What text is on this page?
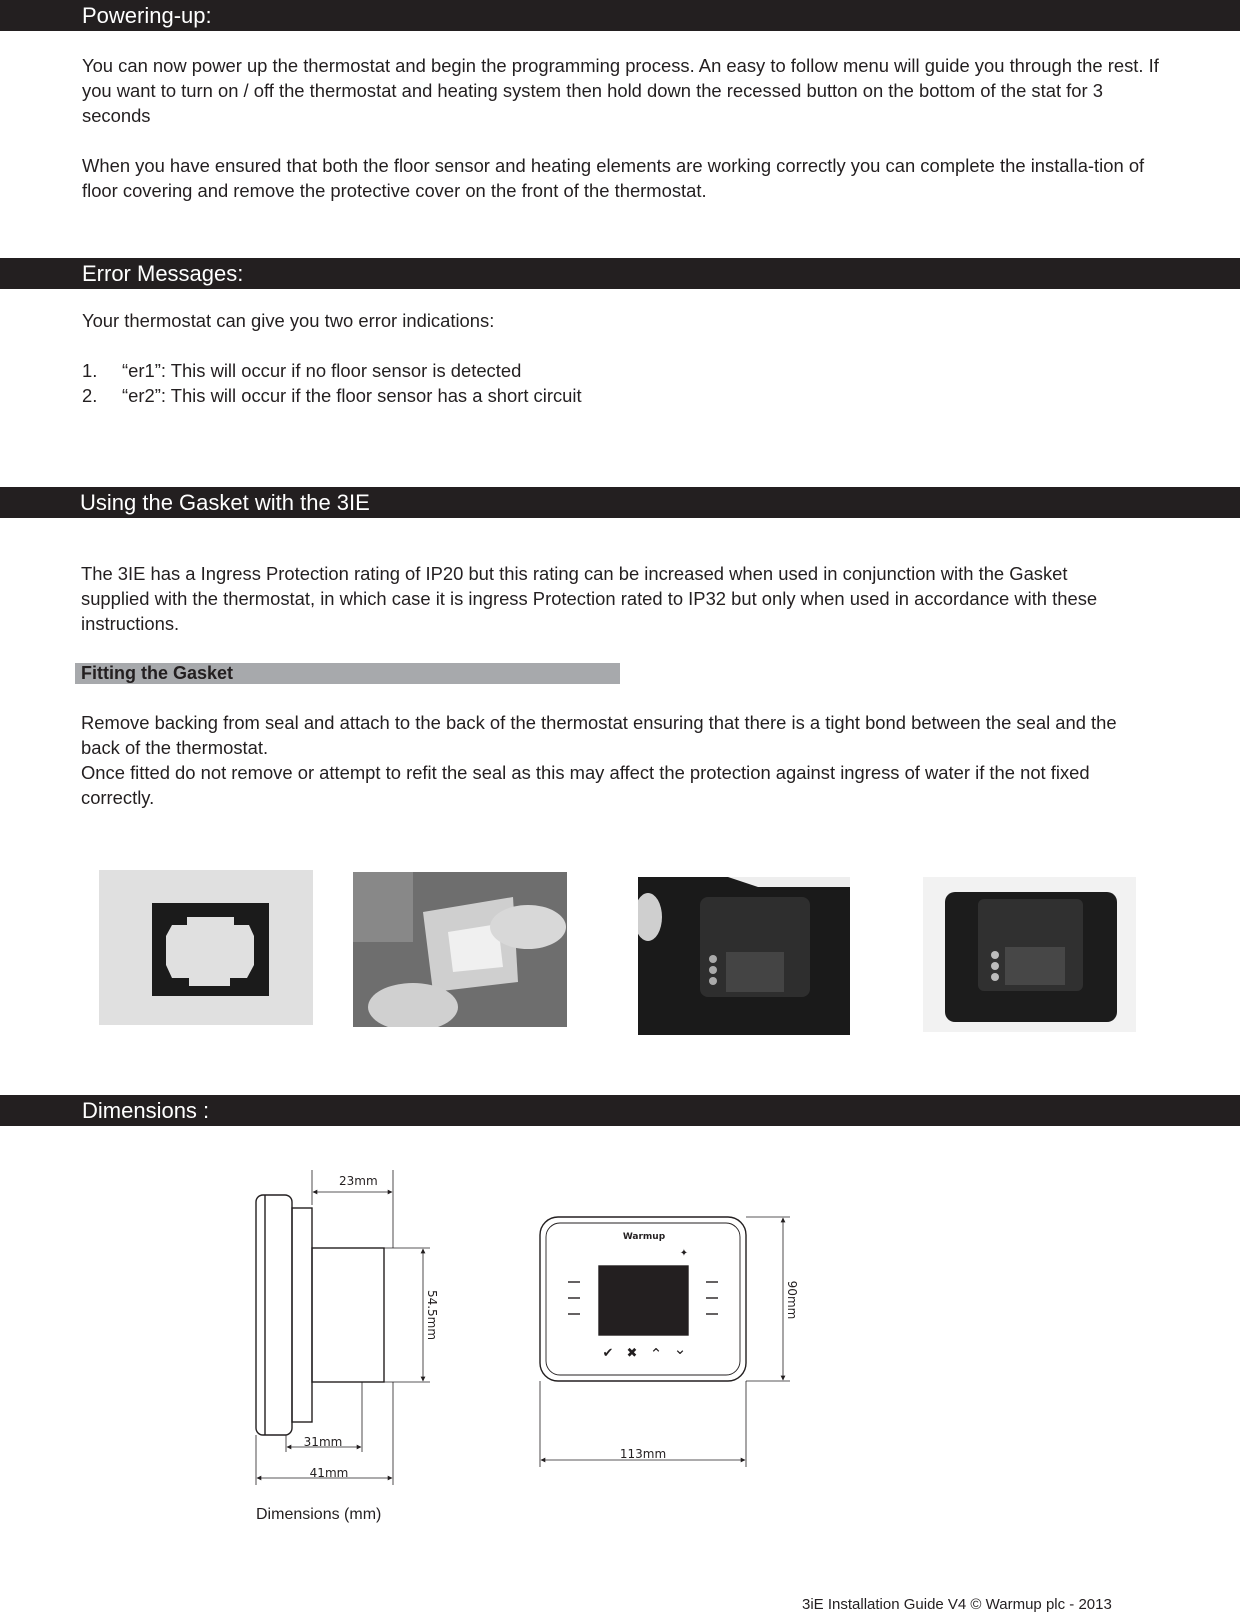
Powering-up:

You can now power up the thermostat and begin the programming process. An easy to follow menu will guide you through the rest. If you want to turn on / off the thermostat and heating system then hold down the recessed button on the bottom of the stat for 3 seconds

When you have ensured that both the floor sensor and heating elements are working correctly you can complete the installa-tion of floor covering and remove the protective cover on the front of the thermostat.

Error Messages:

Your thermostat can give you two error indications:

1. “er1”: This will occur if no floor sensor is detected
2. “er2”: This will occur if the floor sensor has a short circuit
Using the Gasket with the 3IE

The 3IE has a Ingress Protection rating of IP20 but this rating can be increased when used in conjunction with the Gasket supplied with the thermostat, in which case it is ingress Protection rated to IP32 but only when used in accordance with these instructions.

Fitting the Gasket

Remove backing from seal and attach to the back of the thermostat ensuring that there is a tight bond between the seal and the back of the thermostat.

Once fitted do not remove or attempt to refit the seal as this may affect the protection against ingress of water if the not fixed correctly.

Dimensions :
23mm
54.5mm
31mm
41mm
Warmup
✦
✔ ✖ ⌃ ⌄
90mm
113mm
Dimensions (mm)
3iE Installation Guide V4 © Warmup plc - 2013
